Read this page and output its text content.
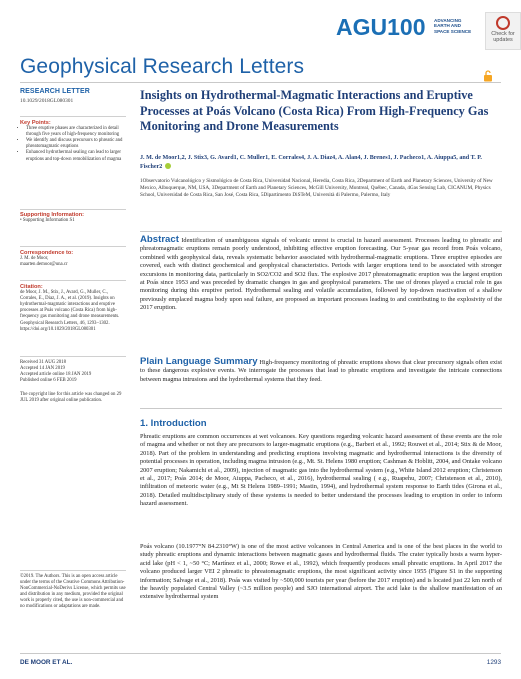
AGU100 ADVANCING
EARTH AND
SPACE SCIENCE	Check for updates
Geophysical Research Letters
RESEARCH LETTER
10.1029/2018GL080301
Key Points:
• Three eruptive phases are characterized in detail through five years of high-frequency monitoring
• We identify and discuss precursors to phreatic and phreatomagmatic eruptions
• Enhanced hydrothermal sealing can lead to larger eruptions and top-down remobilization of magma
Supporting Information:
• Supporting Information S1
Correspondence to:
J. M. de Moor,
maarten.demoor@una.cr
Citation:
de Moor, J. M., Stix, J., Avard, G., Muller, C., Corrales, E., Diaz, J. A., et al. (2019). Insights on hydrothermal-magmatic interactions and eruptive processes at Poás volcano (Costa Rica) from high-frequency gas monitoring and drone measurements. Geophysical Research Letters, 46, 1293–1302. https://doi.org/10.1029/2018GL080301
Received 31 AUG 2018
Accepted 14 JAN 2019
Accepted article online 18 JAN 2019
Published online 6 FEB 2019
The copyright line for this article was changed on 29 JUL 2019 after original online publication.
©2019. The Authors. This is an open access article under the terms of the Creative Commons Attribution-NonCommercial-NoDerivs License, which permits use and distribution in any medium, provided the original work is properly cited, the use is non-commercial and no modifications or adaptations are made.
Insights on Hydrothermal-Magmatic Interactions and Eruptive Processes at Poás Volcano (Costa Rica) From High-Frequency Gas Monitoring and Drone Measurements
J. M. de Moor1,2, J. Stix3, G. Avard1, C. Muller1, E. Corrales4, J. A. Diaz4, A. Alan4, J. Brenes1, J. Pacheco1, A. Aiuppa5, and T. P. Fischer2
1Observatorio Vulcanológico y Sismológico de Costa Rica, Universidad Nacional, Heredia, Costa Rica, 2Department of Earth and Planetary Sciences, University of New Mexico, Albuquerque, NM, USA, 3Department of Earth and Planetary Sciences, McGill University, Montreal, Québec, Canada, 4Gas Sensing Lab, CICANUM, Physics School, Universidad de Costa Rica, San José, Costa Rica, 5Dipartimento DiSTeM, Università di Palermo, Palermo, Italy
Abstract Identification of unambiguous signals of volcanic unrest is crucial in hazard assessment. Processes leading to phreatic and phreatomagmatic eruptions remain poorly understood, inhibiting effective eruption forecasting. Our 5-year gas record from Poás volcano, combined with geophysical data, reveals systematic behavior associated with hydrothermal-magmatic eruptions. Three eruptive episodes are covered, each with distinct geochemical and geophysical characteristics. Periods with larger eruptions tend to be associated with stronger excursions in monitoring data, particularly in SO2/CO2 and SO2 flux. The explosive 2017 phreatomagmatic eruption was the largest eruption at Poás since 1953 and was preceded by dramatic changes in gas and geophysical parameters. The use of drones played a crucial role in gas monitoring during this eruptive period. Hydrothermal sealing and volatile accumulation, followed by top-down reactivation of a shallow previously emplaced magma body upon seal failure, are proposed as important processes leading to and contributing to the explosivity of the 2017 eruption.
Plain Language Summary High-frequency monitoring of phreatic eruptions shows that clear precursory signals often exist to these dangerous explosive events. We interrogate the processes that lead to phreatic eruptions and investigate the intricate connections between magma intrusions and the hydrothermal systems that they feed.
1. Introduction
Phreatic eruptions are common occurrences at wet volcanoes. Key questions regarding volcanic hazard assessment of these events are the role of magma and whether or not they are precursors to larger-magmatic eruptions (e.g., Barberi et al., 1992; Rouwet et al., 2014; Stix & de Moor, 2018). Part of the problem in understanding and predicting eruptions involving magmatic and hydrothermal interactions is the diversity of potential processes in operation, including magma intrusion (e.g., Mt. St. Helens 1980 eruption; Cashman & Hoblitt, 2004, and Ontake volcano 2007 eruption; Nakamichi et al., 2009), injection of magmatic gas into the hydrothermal system (e.g., White Island 2012 eruption; Christenson et al., 2017; Poás 2014; de Moor, Aiuppa, Pacheco, et al., 2016), hydrothermal sealing ( e.g., Ruapehu, 2007; Christenson et al., 2010), infiltration of meteoric water (e.g., Mt St Helens 1989–1991; Mastin, 1994), and hydrothermal system response to Earth tides (Girona et al., 2018). Detailed multidisciplinary study of these systems is needed to better understand the processes leading to eruption in order to inform hazard assessment.
Poás volcano (10.1977°N 84.2310°W) is one of the most active volcanoes in Central America and is one of the best places in the world to study phreatic eruptions and dynamic interactions between magmatic gases and hydrothermal fluids. The crater typically hosts a warm hyper-acid lake (pH < 1, ~50 °C; Martínez et al., 2000; Rowe et al., 1992), which frequently produces small phreatic eruptions. In April 2017 the volcano produced larger VEI 2 phreatic to phreatomagmatic eruptions, the most significant activity since 1955 (Figure S1 in the supporting information; Salvage et al., 2018). Poás was visited by ~500,000 tourists per year (before the 2017 eruption) and is located just 22 km north of the heavily populated Central Valley (~3.5 million people) and SJO international airport. The acid lake is the shallow manifestation of an extensive hydrothermal system
DE MOOR ET AL.	1293
